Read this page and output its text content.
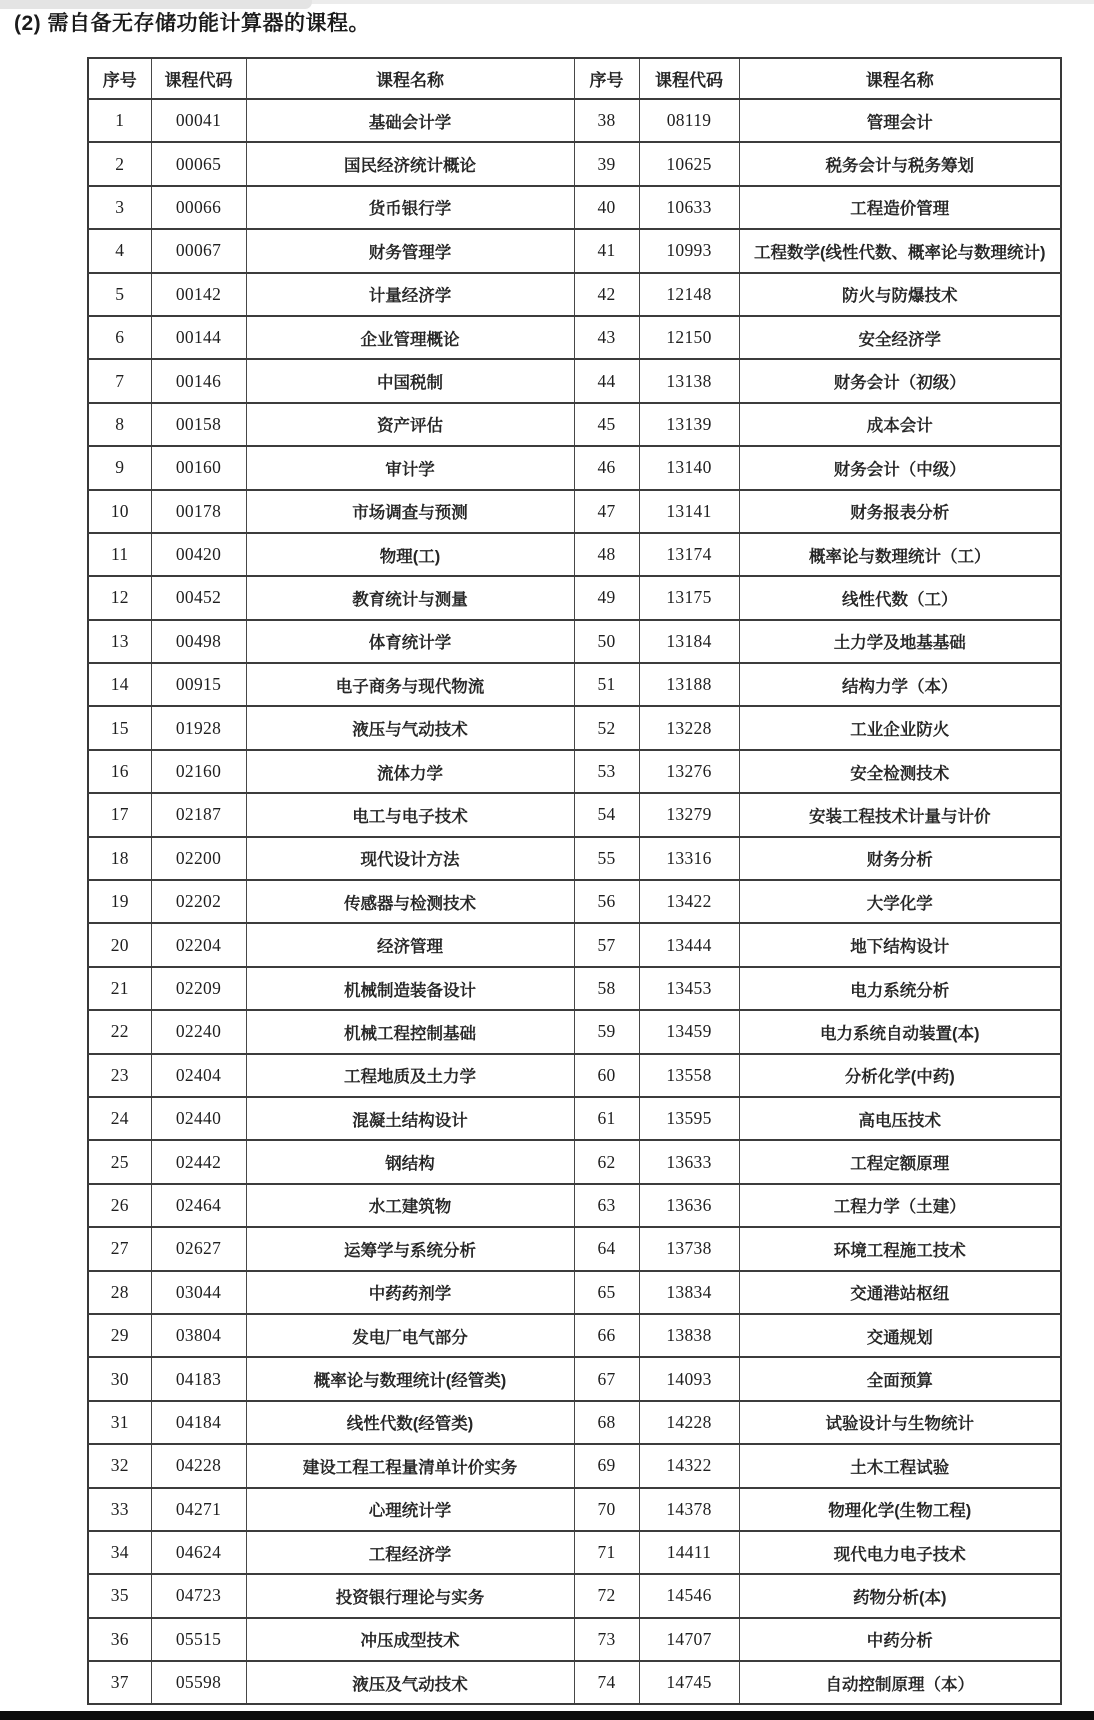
(2) 需自备无存储功能计算器的课程。
序号	课程代码	课程名称	序号	课程代码	课程名称
1	00041	基础会计学	38	08119	管理会计
2	00065	国民经济统计概论	39	10625	税务会计与税务筹划
3	00066	货币银行学	40	10633	工程造价管理
4	00067	财务管理学	41	10993	工程数学(线性代数、概率论与数理统计)
5	00142	计量经济学	42	12148	防火与防爆技术
6	00144	企业管理概论	43	12150	安全经济学
7	00146	中国税制	44	13138	财务会计（初级）
8	00158	资产评估	45	13139	成本会计
9	00160	审计学	46	13140	财务会计（中级）
10	00178	市场调查与预测	47	13141	财务报表分析
11	00420	物理(工)	48	13174	概率论与数理统计（工）
12	00452	教育统计与测量	49	13175	线性代数（工）
13	00498	体育统计学	50	13184	土力学及地基基础
14	00915	电子商务与现代物流	51	13188	结构力学（本）
15	01928	液压与气动技术	52	13228	工业企业防火
16	02160	流体力学	53	13276	安全检测技术
17	02187	电工与电子技术	54	13279	安装工程技术计量与计价
18	02200	现代设计方法	55	13316	财务分析
19	02202	传感器与检测技术	56	13422	大学化学
20	02204	经济管理	57	13444	地下结构设计
21	02209	机械制造装备设计	58	13453	电力系统分析
22	02240	机械工程控制基础	59	13459	电力系统自动装置(本)
23	02404	工程地质及土力学	60	13558	分析化学(中药)
24	02440	混凝土结构设计	61	13595	高电压技术
25	02442	钢结构	62	13633	工程定额原理
26	02464	水工建筑物	63	13636	工程力学（土建）
27	02627	运筹学与系统分析	64	13738	环境工程施工技术
28	03044	中药药剂学	65	13834	交通港站枢纽
29	03804	发电厂电气部分	66	13838	交通规划
30	04183	概率论与数理统计(经管类)	67	14093	全面预算
31	04184	线性代数(经管类)	68	14228	试验设计与生物统计
32	04228	建设工程工程量清单计价实务	69	14322	土木工程试验
33	04271	心理统计学	70	14378	物理化学(生物工程)
34	04624	工程经济学	71	14411	现代电力电子技术
35	04723	投资银行理论与实务	72	14546	药物分析(本)
36	05515	冲压成型技术	73	14707	中药分析
37	05598	液压及气动技术	74	14745	自动控制原理（本）
